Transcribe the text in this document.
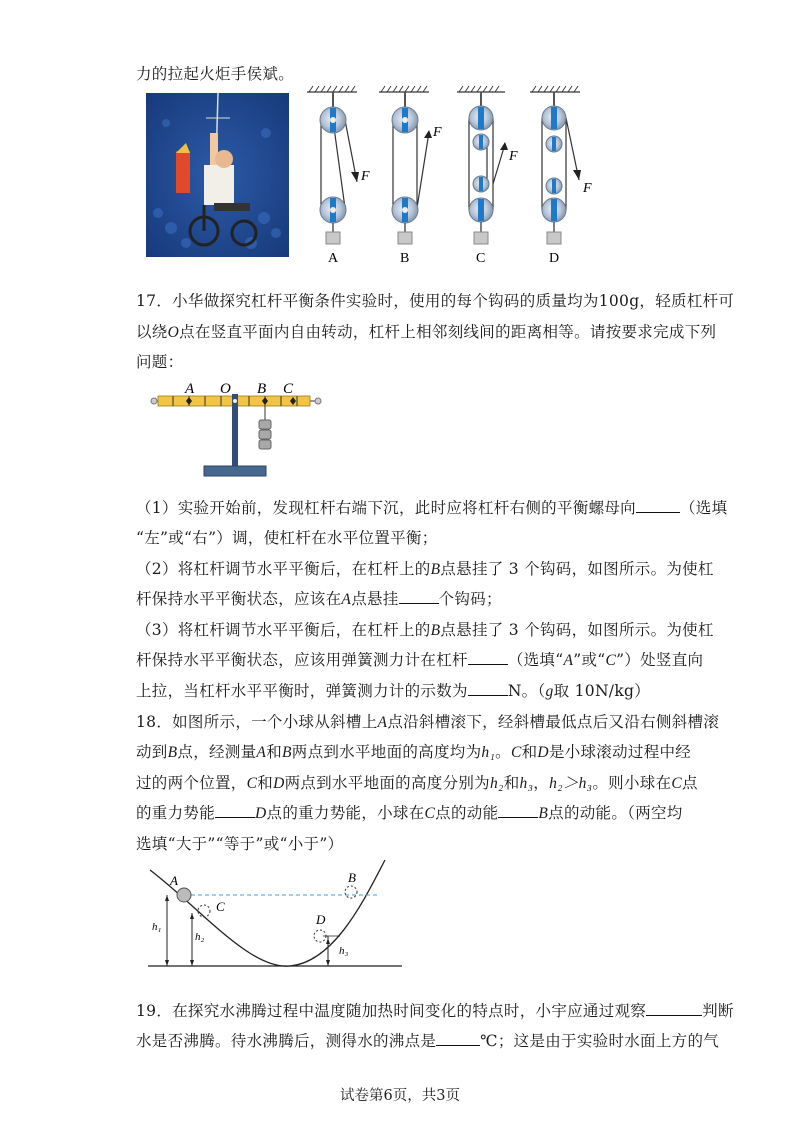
力的拉起火炬手侯斌。
F
F
F
F
A	B	C	D
17．小华做探究杠杆平衡条件实验时，使用的每个钩码的质量均为100g，轻质杠杆可
以绕O点在竖直平面内自由转动，杠杆上相邻刻线间的距离相等。请按要求完成下列
问题：
A O B C
（1）实验开始前，发现杠杆右端下沉，此时应将杠杆右侧的平衡螺母向	（选填
“左”或“右”）调，使杠杆在水平位置平衡；
（2）将杠杆调节水平平衡后，在杠杆上的B点悬挂了 3 个钩码，如图所示。为使杠
杆保持水平平衡状态，应该在A点悬挂	个钩码；
（3）将杠杆调节水平平衡后，在杠杆上的B点悬挂了 3 个钩码，如图所示。为使杠
杆保持水平平衡状态，应该用弹簧测力计在杠杆	（选填“A”或“C”）处竖直向
上拉，当杠杆水平平衡时，弹簧测力计的示数为	N。（g取 10N/kg）
18．如图所示，一个小球从斜槽上A点沿斜槽滚下，经斜槽最低点后又沿右侧斜槽滚
动到B点，经测量A和B两点到水平地面的高度均为h₁。C和D是小球滚动过程中经
过的两个位置，C和D两点到水平地面的高度分别为h₂和h₃，h₂＞h₃。则小球在C点
的重力势能	D点的重力势能，小球在C点的动能	B点的动能。（两空均
选填“大于”“等于”或“小于”）
A	B
C
D
h₁
h₂
h₃
19．在探究水沸腾过程中温度随加热时间变化的特点时，小宇应通过观察	判断
水是否沸腾。待水沸腾后，测得水的沸点是	℃；这是由于实验时水面上方的气
试卷第6页，共3页
